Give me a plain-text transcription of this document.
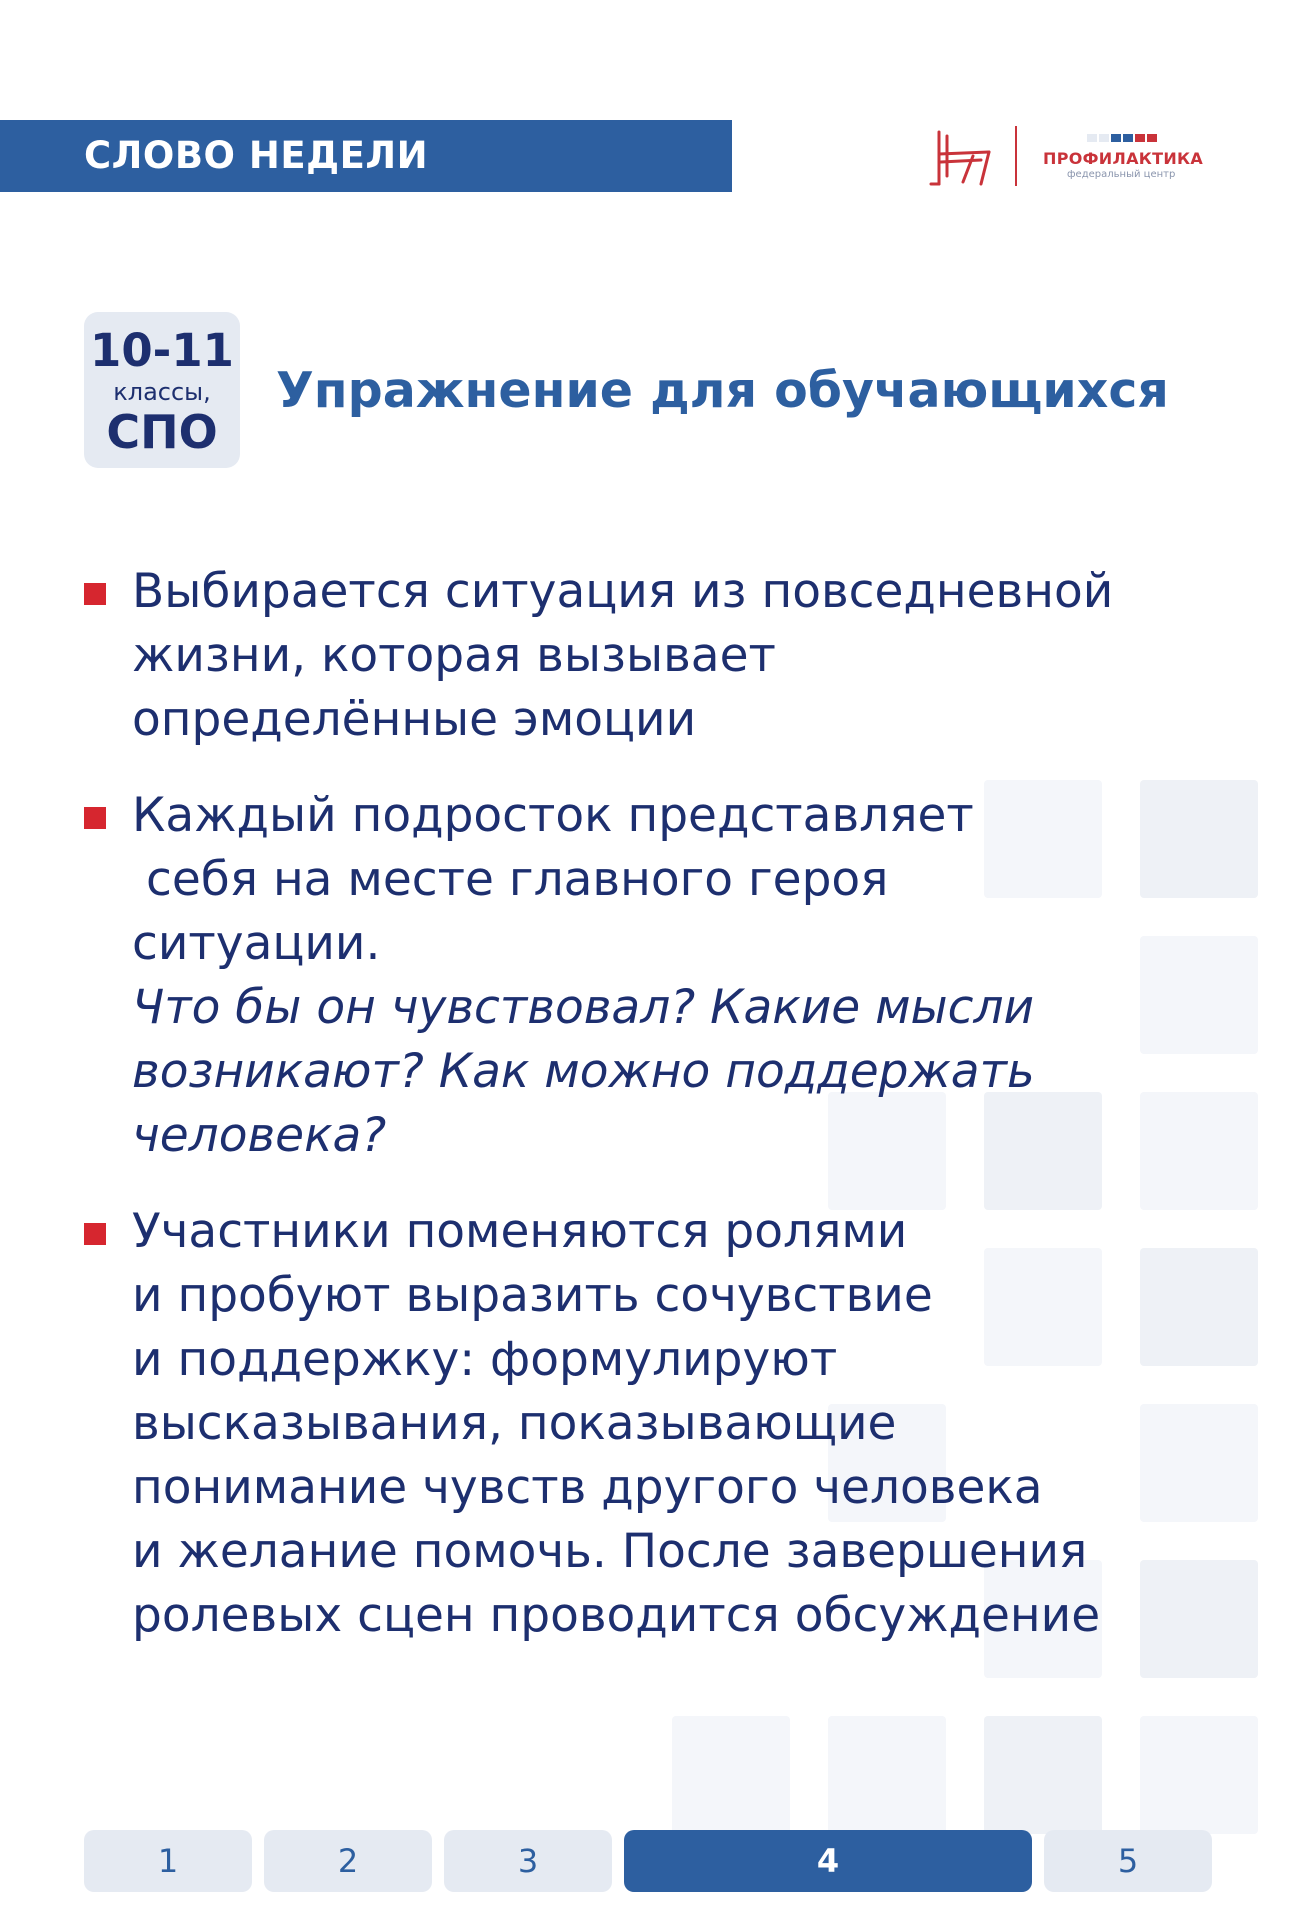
СЛОВО НЕДЕЛИ	ПРОФИЛАКТИКА
федеральный центр
10-11
классы,
СПО
Упражнение для обучающихся
Выбирается ситуация из повседневной
жизни, которая вызывает
определённые эмоции
Каждый подросток представляет
себя на месте главного героя
ситуации.
Что бы он чувствовал? Какие мысли
возникают? Как можно поддержать
человека?
Участники поменяются ролями
и пробуют выразить сочувствие
и поддержку: формулируют
высказывания, показывающие
понимание чувств другого человека
и желание помочь. После завершения
ролевых сцен проводится обсуждение
1	2	3	4	5
